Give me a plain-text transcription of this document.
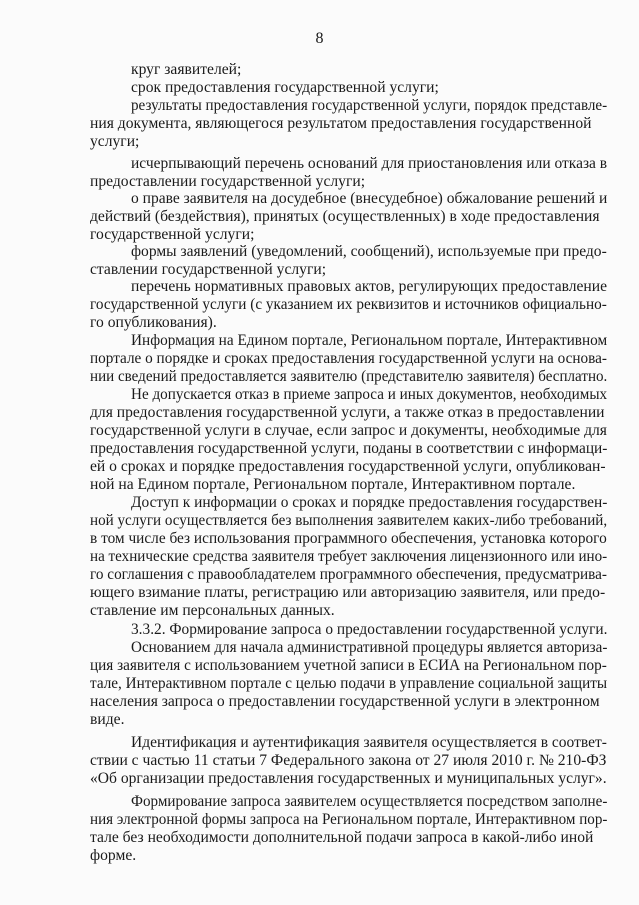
8
круг заявителей;
срок предоставления государственной услуги;
результаты предоставления государственной услуги, порядок представле-
ния документа, являющегося результатом предоставления государственной
услуги;
исчерпывающий перечень оснований для приостановления или отказа в
предоставлении государственной услуги;
о праве заявителя на досудебное (внесудебное) обжалование решений и
действий (бездействия), принятых (осуществленных) в ходе предоставления
государственной услуги;
формы заявлений (уведомлений, сообщений), используемые при предо-
ставлении государственной услуги;
перечень нормативных правовых актов, регулирующих предоставление
государственной услуги (с указанием их реквизитов и источников официально-
го опубликования).
Информация на Едином портале, Региональном портале, Интерактивном
портале о порядке и сроках предоставления государственной услуги на основа-
нии сведений предоставляется заявителю (представителю заявителя) бесплатно.
Не допускается отказ в приеме запроса и иных документов, необходимых
для предоставления государственной услуги, а также отказ в предоставлении
государственной услуги в случае, если запрос и документы, необходимые для
предоставления государственной услуги, поданы в соответствии с информаци-
ей о сроках и порядке предоставления государственной услуги, опубликован-
ной на Едином портале, Региональном портале, Интерактивном портале.
Доступ к информации о сроках и порядке предоставления государствен-
ной услуги осуществляется без выполнения заявителем каких-либо требований,
в том числе без использования программного обеспечения, установка которого
на технические средства заявителя требует заключения лицензионного или ино-
го соглашения с правообладателем программного обеспечения, предусматрива-
ющего взимание платы, регистрацию или авторизацию заявителя, или предо-
ставление им персональных данных.
3.3.2. Формирование запроса о предоставлении государственной услуги.
Основанием для начала административной процедуры является авториза-
ция заявителя с использованием учетной записи в ЕСИА на Региональном пор-
тале, Интерактивном портале с целью подачи в управление социальной защиты
населения запроса о предоставлении государственной услуги в электронном
виде.
Идентификация и аутентификация заявителя осуществляется в соответ-
ствии с частью 11 статьи 7 Федерального закона от 27 июля 2010 г. № 210-ФЗ
«Об организации предоставления государственных и муниципальных услуг».
Формирование запроса заявителем осуществляется посредством заполне-
ния электронной формы запроса на Региональном портале, Интерактивном пор-
тале без необходимости дополнительной подачи запроса в какой-либо иной
форме.
